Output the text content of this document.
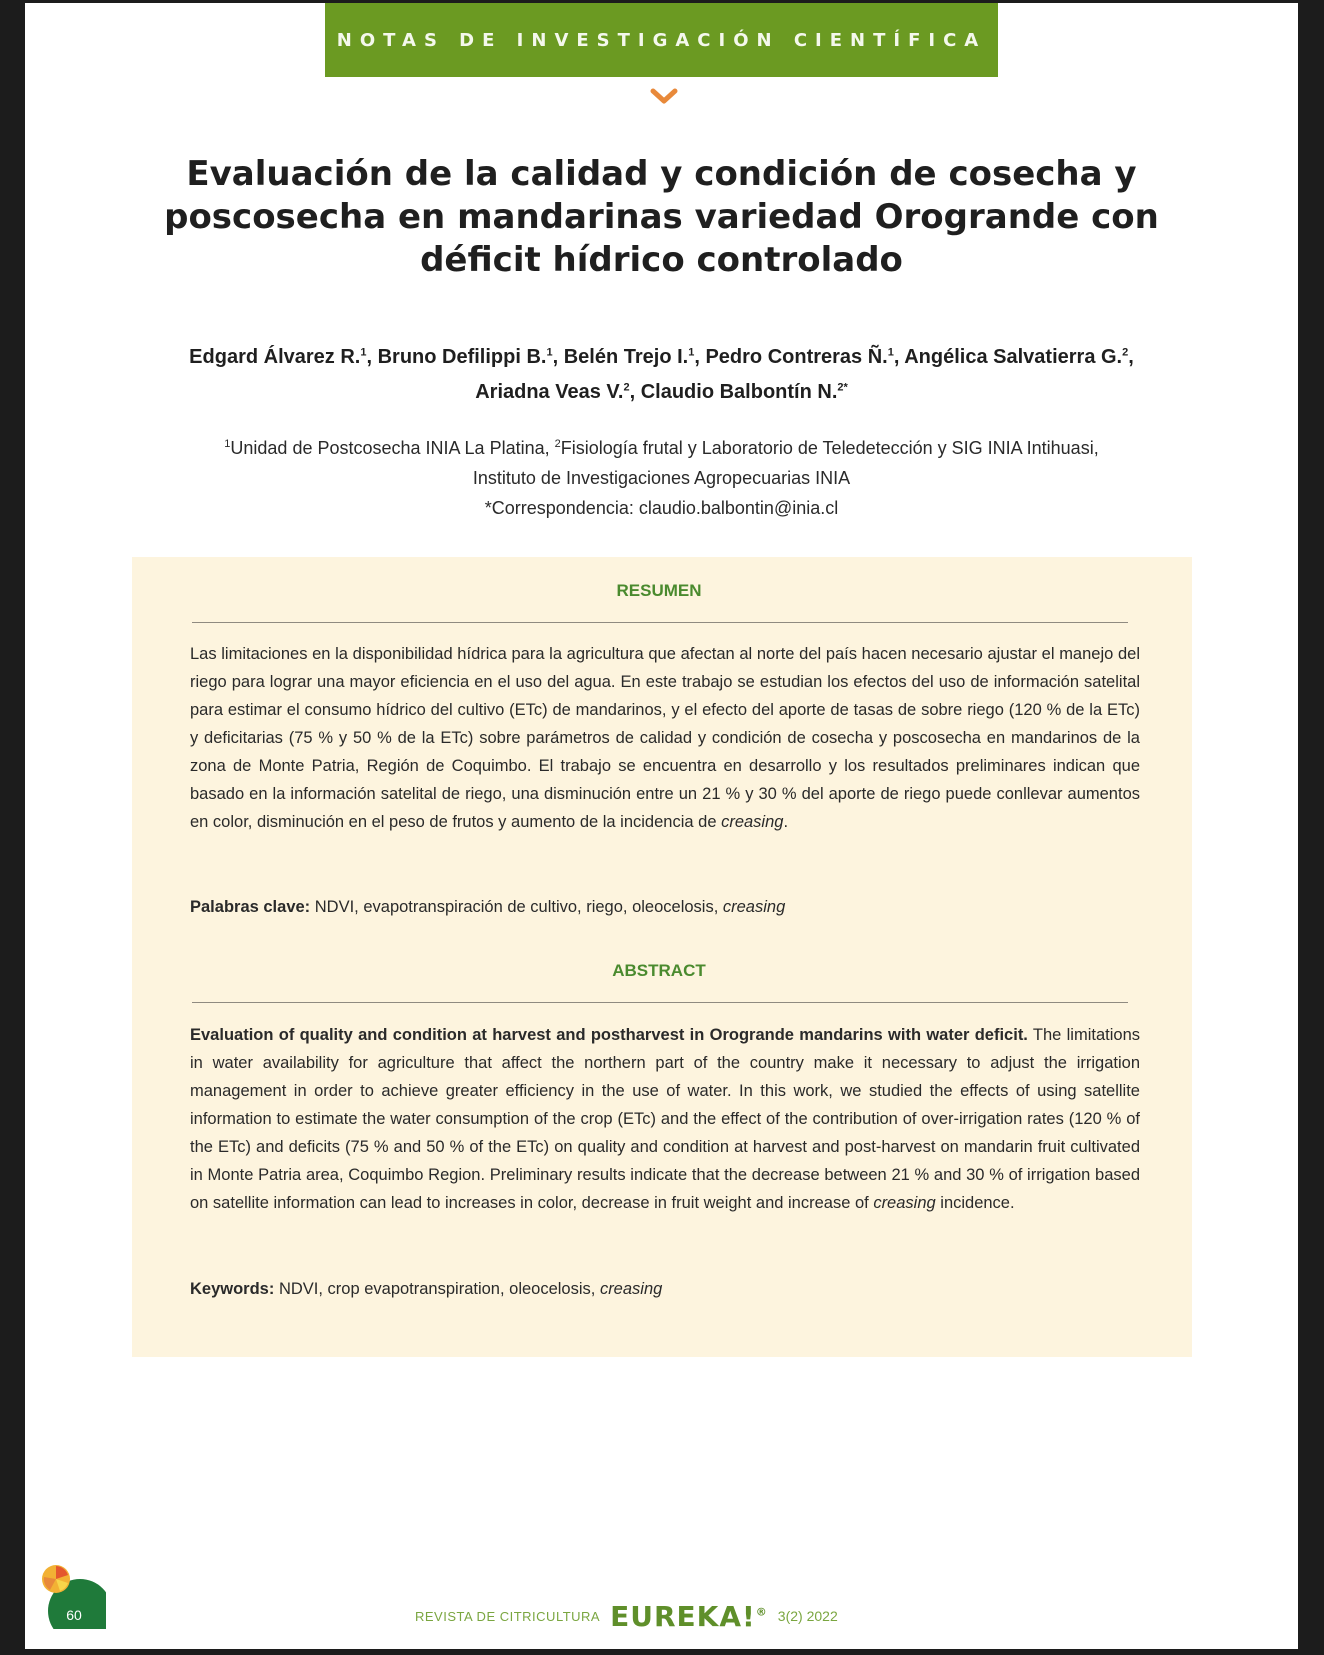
NOTAS DE INVESTIGACIÓN CIENTÍFICA
Evaluación de la calidad y condición de cosecha y poscosecha en mandarinas variedad Orogrande con déficit hídrico controlado
Edgard Álvarez R.$^1$, Bruno Defilippi B.$^1$, Belén Trejo I.$^1$, Pedro Contreras Ñ.$^1$, Angélica Salvatierra G.$^2$, Ariadna Veas V.$^2$, Claudio Balbontín N.$^{2*}$
$^1$Unidad de Postcosecha INIA La Platina, $^2$Fisiología frutal y Laboratorio de Teledetección y SIG INIA Intihuasi,
Instituto de Investigaciones Agropecuarias INIA
*Correspondencia: claudio.balbontin@inia.cl
RESUMEN

Las limitaciones en la disponibilidad hídrica para la agricultura que afectan al norte del país hacen necesario ajustar el manejo del riego para lograr una mayor eficiencia en el uso del agua. En este trabajo se estudian los efectos del uso de información satelital para estimar el consumo hídrico del cultivo (ETc) de mandarinos, y el efecto del aporte de tasas de sobre riego (120 % de la ETc) y deficitarias (75 % y 50 % de la ETc) sobre parámetros de calidad y condición de cosecha y poscosecha en mandarinos de la zona de Monte Patria, Región de Coquimbo. El trabajo se encuentra en desarrollo y los resultados preliminares indican que basado en la información satelital de riego, una disminución entre un 21 % y 30 % del aporte de riego puede conllevar aumentos en color, disminución en el peso de frutos y aumento de la incidencia de creasing.

Palabras clave: NDVI, evapotranspiración de cultivo, riego, oleocelosis, creasing
ABSTRACT

Evaluation of quality and condition at harvest and postharvest in Orogrande mandarins with water deficit. The limitations in water availability for agriculture that affect the northern part of the country make it necessary to adjust the irrigation management in order to achieve greater efficiency in the use of water. In this work, we studied the effects of using satellite information to estimate the water consumption of the crop (ETc) and the effect of the contribution of over-irrigation rates (120 % of the ETc) and deficits (75 % and 50 % of the ETc) on quality and condition at harvest and post-harvest on mandarin fruit cultivated in Monte Patria area, Coquimbo Region. Preliminary results indicate that the decrease between 21 % and 30 % of irrigation based on satellite information can lead to increases in color, decrease in fruit weight and increase of creasing incidence.

Keywords: NDVI, crop evapotranspiration, oleocelosis, creasing
60	REVISTA DE CITRICULTURA EUREKA!® 3(2) 2022
